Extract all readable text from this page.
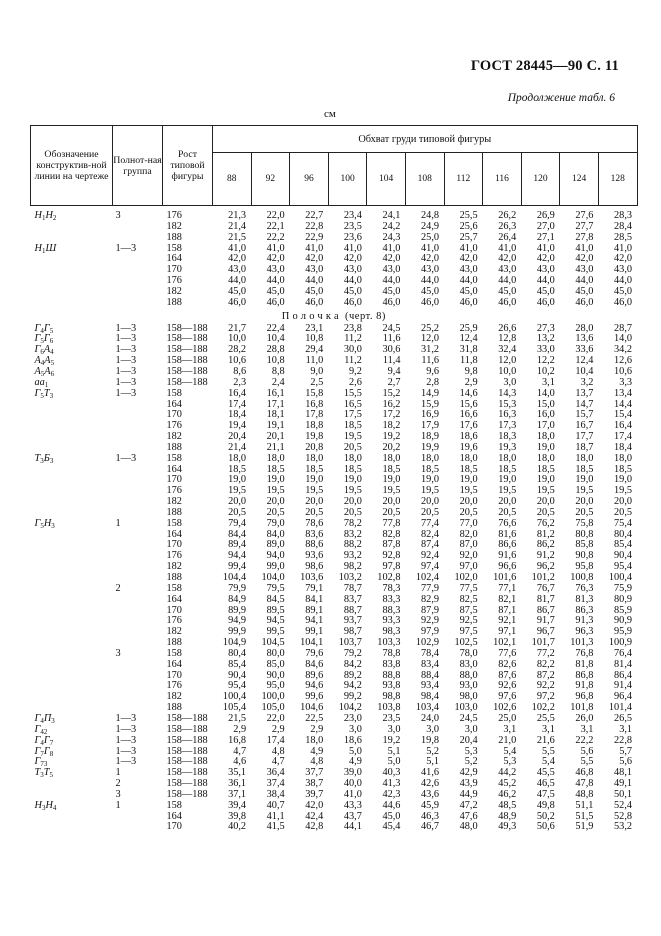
ГОСТ 28445—90 С. 11
Продолжение табл. 6
см
Обозначение конструктив-ной линии на чертеже	Полнот-ная группа	Рост типовой фигуры	Обхват груди типовой фигуры										
			88	92	96	100	104	108	112	116	120	124	128
$H_1H_2$	3	176	21,3	22,0	22,7	23,4	24,1	24,8	25,5	26,2	26,9	27,6	28,3
		182	21,4	22,1	22,8	23,5	24,2	24,9	25,6	26,3	27,0	27,7	28,4
		188	21,5	22,2	22,9	23,6	24,3	25,0	25,7	26,4	27,1	27,8	28,5
$H_1Ш$	1—3	158	41,0	41,0	41,0	41,0	41,0	41,0	41,0	41,0	41,0	41,0	41,0
		164	42,0	42,0	42,0	42,0	42,0	42,0	42,0	42,0	42,0	42,0	42,0
		170	43,0	43,0	43,0	43,0	43,0	43,0	43,0	43,0	43,0	43,0	43,0
		176	44,0	44,0	44,0	44,0	44,0	44,0	44,0	44,0	44,0	44,0	44,0
		182	45,0	45,0	45,0	45,0	45,0	45,0	45,0	45,0	45,0	45,0	45,0
		188	46,0	46,0	46,0	46,0	46,0	46,0	46,0	46,0	46,0	46,0	46,0
Полочка (черт. 8)													
$Г_4Г_5$	1—3	158—188	21,7	22,4	23,1	23,8	24,5	25,2	25,9	26,6	27,3	28,0	28,7
$Г_5Г_6$	1—3	158—188	10,0	10,4	10,8	11,2	11,6	12,0	12,4	12,8	13,2	13,6	14,0
$Г_6А_4$	1—3	158—188	28,2	28,8	29,4	30,0	30,6	31,2	31,8	32,4	33,0	33,6	34,2
$А_4А_5$	1—3	158—188	10,6	10,8	11,0	11,2	11,4	11,6	11,8	12,0	12,2	12,4	12,6
$А_5А_6$	1—3	158—188	8,6	8,8	9,0	9,2	9,4	9,6	9,8	10,0	10,2	10,4	10,6
$аа_1$	1—3	158—188	2,3	2,4	2,5	2,6	2,7	2,8	2,9	3,0	3,1	3,2	3,3
$Г_5Т_3$	1—3	158	16,4	16,1	15,8	15,5	15,2	14,9	14,6	14,3	14,0	13,7	13,4
		164	17,4	17,1	16,8	16,5	16,2	15,9	15,6	15,3	15,0	14,7	14,4
		170	18,4	18,1	17,8	17,5	17,2	16,9	16,6	16,3	16,0	15,7	15,4
		176	19,4	19,1	18,8	18,5	18,2	17,9	17,6	17,3	17,0	16,7	16,4
		182	20,4	20,1	19,8	19,5	19,2	18,9	18,6	18,3	18,0	17,7	17,4
		188	21,4	21,1	20,8	20,5	20,2	19,9	19,6	19,3	19,0	18,7	18,4
$Т_3Б_3$	1—3	158	18,0	18,0	18,0	18,0	18,0	18,0	18,0	18,0	18,0	18,0	18,0
		164	18,5	18,5	18,5	18,5	18,5	18,5	18,5	18,5	18,5	18,5	18,5
		170	19,0	19,0	19,0	19,0	19,0	19,0	19,0	19,0	19,0	19,0	19,0
		176	19,5	19,5	19,5	19,5	19,5	19,5	19,5	19,5	19,5	19,5	19,5
		182	20,0	20,0	20,0	20,0	20,0	20,0	20,0	20,0	20,0	20,0	20,0
		188	20,5	20,5	20,5	20,5	20,5	20,5	20,5	20,5	20,5	20,5	20,5
$Г_5Н_3$	1	158	79,4	79,0	78,6	78,2	77,8	77,4	77,0	76,6	76,2	75,8	75,4
		164	84,4	84,0	83,6	83,2	82,8	82,4	82,0	81,6	81,2	80,8	80,4
		170	89,4	89,0	88,6	88,2	87,8	87,4	87,0	86,6	86,2	85,8	85,4
		176	94,4	94,0	93,6	93,2	92,8	92,4	92,0	91,6	91,2	90,8	90,4
		182	99,4	99,0	98,6	98,2	97,8	97,4	97,0	96,6	96,2	95,8	95,4
		188	104,4	104,0	103,6	103,2	102,8	102,4	102,0	101,6	101,2	100,8	100,4
	2	158	79,9	79,5	79,1	78,7	78,3	77,9	77,5	77,1	76,7	76,3	75,9
		164	84,9	84,5	84,1	83,7	83,3	82,9	82,5	82,1	81,7	81,3	80,9
		170	89,9	89,5	89,1	88,7	88,3	87,9	87,5	87,1	86,7	86,3	85,9
		176	94,9	94,5	94,1	93,7	93,3	92,9	92,5	92,1	91,7	91,3	90,9
		182	99,9	99,5	99,1	98,7	98,3	97,9	97,5	97,1	96,7	96,3	95,9
		188	104,9	104,5	104,1	103,7	103,3	102,9	102,5	102,1	101,7	101,3	100,9
	3	158	80,4	80,0	79,6	79,2	78,8	78,4	78,0	77,6	77,2	76,8	76,4
		164	85,4	85,0	84,6	84,2	83,8	83,4	83,0	82,6	82,2	81,8	81,4
		170	90,4	90,0	89,6	89,2	88,8	88,4	88,0	87,6	87,2	86,8	86,4
		176	95,4	95,0	94,6	94,2	93,8	93,4	93,0	92,6	92,2	91,8	91,4
		182	100,4	100,0	99,6	99,2	98,8	98,4	98,0	97,6	97,2	96,8	96,4
		188	105,4	105,0	104,6	104,2	103,8	103,4	103,0	102,6	102,2	101,8	101,4
$Г_4П_3$	1—3	158—188	21,5	22,0	22,5	23,0	23,5	24,0	24,5	25,0	25,5	26,0	26,5
$Г_{42}$	1—3	158—188	2,9	2,9	2,9	3,0	3,0	3,0	3,0	3,1	3,1	3,1	3,1
$Г_4Г_7$	1—3	158—188	16,8	17,4	18,0	18,6	19,2	19,8	20,4	21,0	21,6	22,2	22,8
$Г_7Г_8$	1—3	158—188	4,7	4,8	4,9	5,0	5,1	5,2	5,3	5,4	5,5	5,6	5,7
$Г_{73}$	1—3	158—188	4,6	4,7	4,8	4,9	5,0	5,1	5,2	5,3	5,4	5,5	5,6
$Т_3Т_5$	1	158—188	35,1	36,4	37,7	39,0	40,3	41,6	42,9	44,2	45,5	46,8	48,1
	2	158—188	36,1	37,4	38,7	40,0	41,3	42,6	43,9	45,2	46,5	47,8	49,1
	3	158—188	37,1	38,4	39,7	41,0	42,3	43,6	44,9	46,2	47,5	48,8	50,1
$Н_3Н_4$	1	158	39,4	40,7	42,0	43,3	44,6	45,9	47,2	48,5	49,8	51,1	52,4
		164	39,8	41,1	42,4	43,7	45,0	46,3	47,6	48,9	50,2	51,5	52,8
		170	40,2	41,5	42,8	44,1	45,4	46,7	48,0	49,3	50,6	51,9	53,2
